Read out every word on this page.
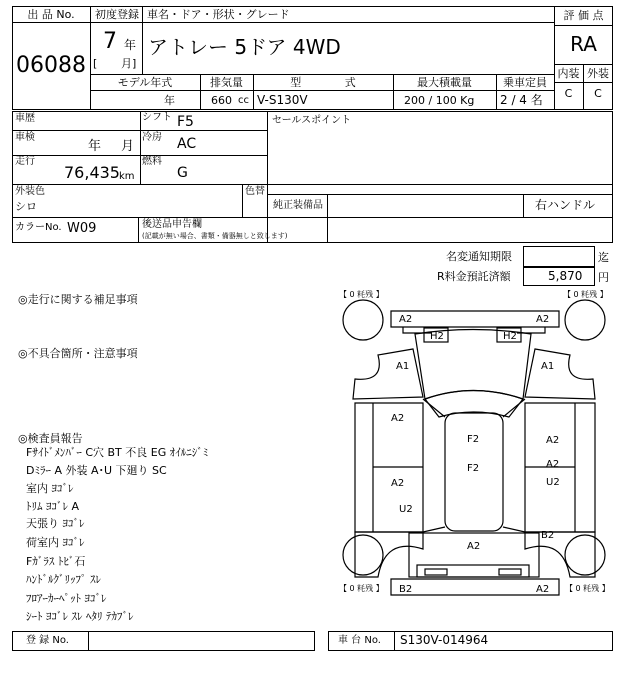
出 品 No.
06088
初度登録
7 年
[ 月]
車名・ドア・形状・グレード
アトレー 5ドア 4WD
評 価 点
RA
内装 外装
C	C
モデル年式
年
排気量
660 cc
型 式
V-S130V
最大積載量
200 / 100 Kg
乗車定員
2 / 4 名
車歴	シフト F5
車検
年 月
冷房 AC
走行
76,435 km
燃料
G
セールスポイント
外装色
シロ
色替
純正装備品	右ハンドル
カラーNo. W09	後送品申告欄
(記載が無い場合、書類・備器無しと致します)
名変通知期限	迄
R料金預託済額	5,870 円
◎走行に関する補足事項
◎不具合箇所・注意事項
◎検査員報告
Fｻｲﾄﾞﾒﾝﾊﾞｰ C穴 BT 不良 EG ｵｲﾙﾆｼﾞﾐ
Dﾐﾗｰ A 外装 A･U 下廻り SC
室内 ﾖｺﾞﾚ
ﾄﾘﾑ ﾖｺﾞﾚ A
天張り ﾖｺﾞﾚ
荷室内 ﾖｺﾞﾚ
Fｶﾞﾗｽ ﾄﾋﾞ石
ﾊﾝﾄﾞﾙｸﾞﾘｯﾌﾟ ｽﾚ
ﾌﾛｱｰｶｰﾍﾟｯﾄ ﾖｺﾞﾚ
ｼｰﾄ ﾖｺﾞﾚ ｽﾚ ﾍﾀﾘ ﾃｶﾌﾞﾚ
【 0 粍残 】	【 0 粍残 】
【 0 粍残 】	【 0 粍残 】
A2	A2
H2	H2
A1	A1
A2
F2	A2
F2	A2
A2	U2
U2
B2
A2
B2	A2
登 録 No.	車 台 No. S130V-014964
